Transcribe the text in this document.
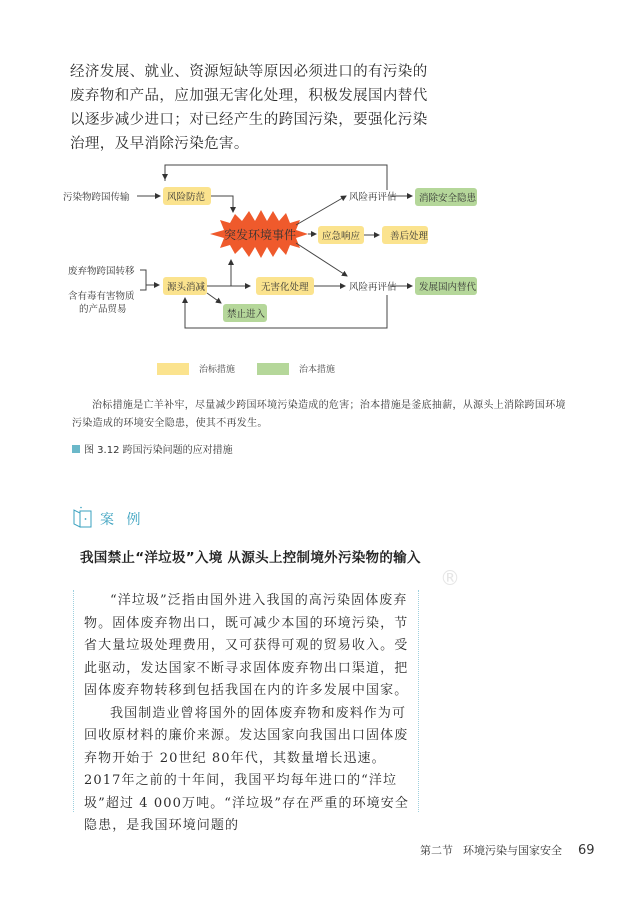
经济发展、就业、资源短缺等原因必须进口的有污染的废弃物和产品，应加强无害化处理，积极发展国内替代以逐步减少进口；对已经产生的跨国污染，要强化污染治理，及早消除污染危害。

污染物跨国传输	风险防范
突发环境事件	应急响应	善后处理
风险再评估 消除安全隐患
废弃物跨国转移
含有毒有害物质
的产品贸易
源头消减	无害化处理
禁止进入
风险再评估 发展国内替代
治标措施	治本措施
治标措施是亡羊补牢，尽量减少跨国环境污染造成的危害；治本措施是釜底抽薪，从源头上消除跨国环境污染造成的环境安全隐患，使其不再发生。
图 3.12 跨国污染问题的应对措施
案 例
我国禁止“洋垃圾”入境 从源头上控制境外污染物的输入
®

“洋垃圾”泛指由国外进入我国的高污染固体废弃物。固体废弃物出口，既可减少本国的环境污染，节省大量垃圾处理费用，又可获得可观的贸易收入。受此驱动，发达国家不断寻求固体废弃物出口渠道，把固体废弃物转移到包括我国在内的许多发展中国家。

我国制造业曾将国外的固体废弃物和废料作为可回收原材料的廉价来源。发达国家向我国出口固体废弃物开始于 20世纪 80年代，其数量增长迅速。2017年之前的十年间，我国平均每年进口的“洋垃圾”超过 4 000万吨。“洋垃圾”存在严重的环境安全隐患，是我国环境问题的

第二节 环境污染与国家安全 69
